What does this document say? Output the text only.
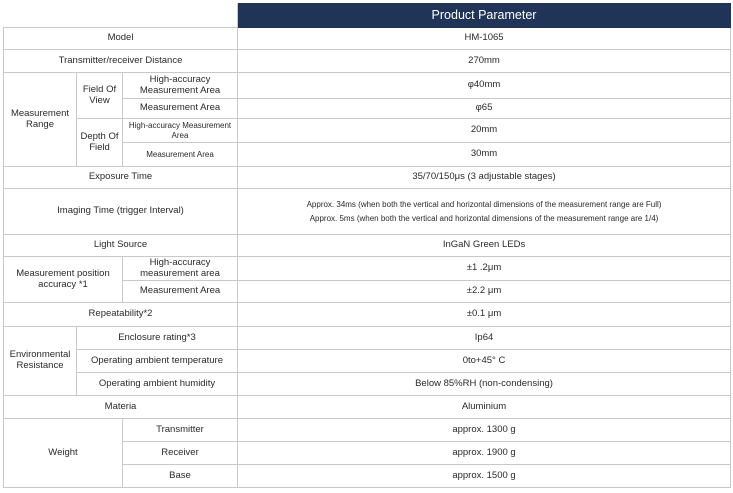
			Product Parameter
Model			HM-1065
Transmitter/receiver Distance			270mm
Measurement Range	Field Of View	High-accuracy Measurement Area	φ40mm
		Measurement Area	φ65
	Depth Of Field	High-accuracy Measurement Area	20mm
		Measurement Area	30mm
Exposure Time			35/70/150μs (3 adjustable stages)
Imaging Time (trigger Interval)			Approx. 34ms (when both the vertical and horizontal dimensions of the measurement range are Full)
Approx. 5ms (when both the vertical and horizontal dimensions of the measurement range are 1/4)

Light Source			InGaN Green LEDs
Measurement position accuracy *1		High-accuracy measurement area	±1 .2μm
		Measurement Area	±2.2 μm
Repeatability*2			±0.1 μm
Environmental Resistance	Enclosure rating*3		Ip64
	Operating ambient temperature		0to+45° C
	Operating ambient humidity		Below 85%RH (non-condensing)
Materia			Aluminium
Weight		Transmitter	approx. 1300 g
		Receiver	approx. 1900 g
		Base	approx. 1500 g
